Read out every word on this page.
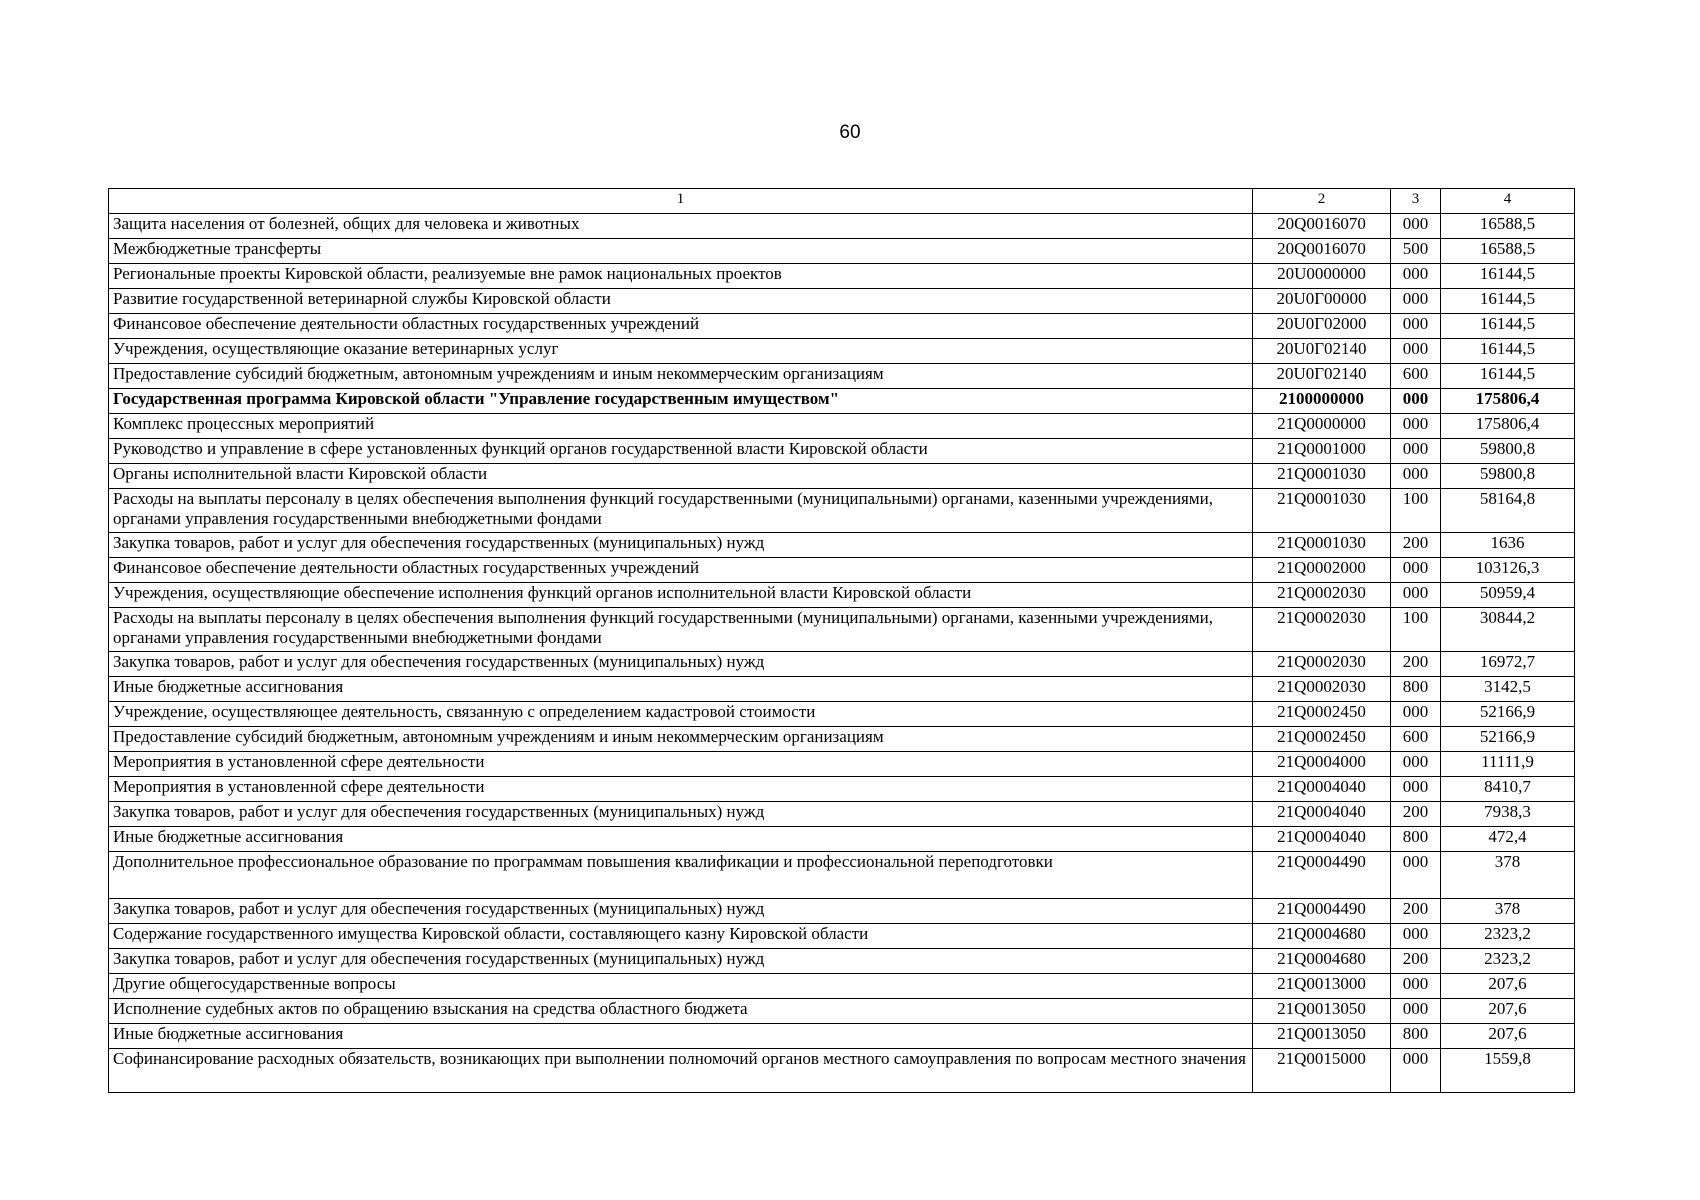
60
1	2	3	4
Защита населения от болезней, общих для человека и животных	20Q0016070	000	16588,5
Межбюджетные трансферты	20Q0016070	500	16588,5
Региональные проекты Кировской области, реализуемые вне рамок национальных проектов	20U0000000	000	16144,5
Развитие государственной ветеринарной службы Кировской области	20U0Г00000	000	16144,5
Финансовое обеспечение деятельности областных государственных учреждений	20U0Г02000	000	16144,5
Учреждения, осуществляющие оказание ветеринарных услуг	20U0Г02140	000	16144,5
Предоставление субсидий бюджетным, автономным учреждениям и иным некоммерческим организациям	20U0Г02140	600	16144,5
Государственная программа Кировской области "Управление государственным имуществом"	2100000000	000	175806,4
Комплекс процессных мероприятий	21Q0000000	000	175806,4
Руководство и управление в сфере установленных функций органов государственной власти Кировской области	21Q0001000	000	59800,8
Органы исполнительной власти Кировской области	21Q0001030	000	59800,8
Расходы на выплаты персоналу в целях обеспечения выполнения функций государственными (муниципальными) органами, казенными учреждениями, органами управления государственными внебюджетными фондами	21Q0001030	100	58164,8
Закупка товаров, работ и услуг для обеспечения государственных (муниципальных) нужд	21Q0001030	200	1636
Финансовое обеспечение деятельности областных государственных учреждений	21Q0002000	000	103126,3
Учреждения, осуществляющие обеспечение исполнения функций органов исполнительной власти Кировской области	21Q0002030	000	50959,4
Расходы на выплаты персоналу в целях обеспечения выполнения функций государственными (муниципальными) органами, казенными учреждениями, органами управления государственными внебюджетными фондами	21Q0002030	100	30844,2
Закупка товаров, работ и услуг для обеспечения государственных (муниципальных) нужд	21Q0002030	200	16972,7
Иные бюджетные ассигнования	21Q0002030	800	3142,5
Учреждение, осуществляющее деятельность, связанную с определением кадастровой стоимости	21Q0002450	000	52166,9
Предоставление субсидий бюджетным, автономным учреждениям и иным некоммерческим организациям	21Q0002450	600	52166,9
Мероприятия в установленной сфере деятельности	21Q0004000	000	11111,9
Мероприятия в установленной сфере деятельности	21Q0004040	000	8410,7
Закупка товаров, работ и услуг для обеспечения государственных (муниципальных) нужд	21Q0004040	200	7938,3
Иные бюджетные ассигнования	21Q0004040	800	472,4
Дополнительное профессиональное образование по программам повышения квалификации и профессиональной переподготовки	21Q0004490	000	378
Закупка товаров, работ и услуг для обеспечения государственных (муниципальных) нужд	21Q0004490	200	378
Содержание государственного имущества Кировской области, составляющего казну Кировской области	21Q0004680	000	2323,2
Закупка товаров, работ и услуг для обеспечения государственных (муниципальных) нужд	21Q0004680	200	2323,2
Другие общегосударственные вопросы	21Q0013000	000	207,6
Исполнение судебных актов по обращению взыскания на средства областного бюджета	21Q0013050	000	207,6
Иные бюджетные ассигнования	21Q0013050	800	207,6
Софинансирование расходных обязательств, возникающих при выполнении полномочий органов местного самоуправления по вопросам местного значения	21Q0015000	000	1559,8
